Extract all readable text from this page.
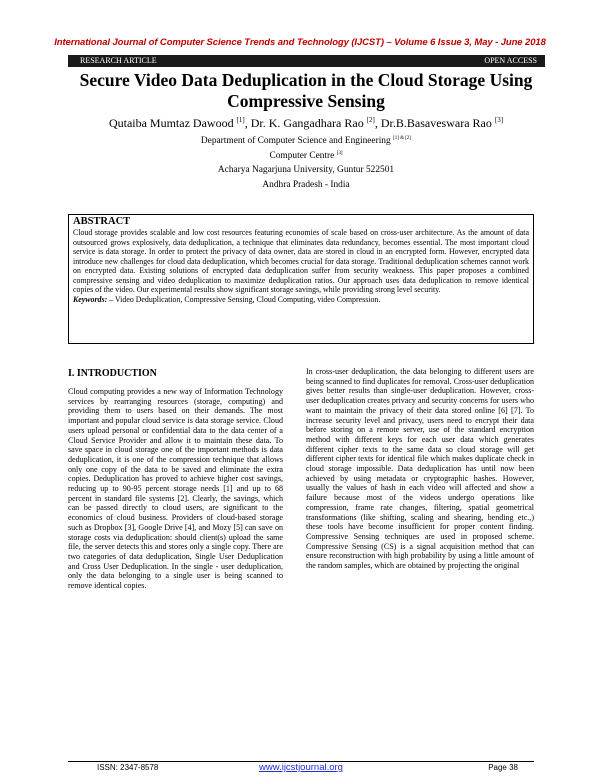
International Journal of Computer Science Trends and Technology (IJCST) – Volume 6 Issue 3, May - June 2018
RESEARCH ARTICLE	OPEN ACCESS
Secure Video Data Deduplication in the Cloud Storage Using
Compressive Sensing
Qutaiba Mumtaz Dawood [1], Dr. K. Gangadhara Rao [2], Dr.B.Basaveswara Rao [3]
Department of Computer Science and Engineering [1] & [2]
Computer Centre [3]
Acharya Nagarjuna University, Guntur 522501
Andhra Pradesh - India
ABSTRACT
Cloud storage provides scalable and low cost resources featuring economies of scale based on cross-user architecture. As the amount of data outsourced grows explosively, data deduplication, a technique that eliminates data redundancy, becomes essential. The most important cloud service is data storage. In order to protect the privacy of data owner, data are stored in cloud in an encrypted form. However, encrypted data introduce new challenges for cloud data deduplication, which becomes crucial for data storage. Traditional deduplication schemes cannot work on encrypted data. Existing solutions of encrypted data deduplication suffer from security weakness. This paper proposes a combined compressive sensing and video deduplication to maximize deduplication ratios. Our approach uses data deduplication to remove identical copies of the video. Our experimental results show significant storage savings, while providing strong level security.
Keywords: – Video Deduplication, Compressive Sensing, Cloud Computing, video Compression.
I. INTRODUCTION

Cloud computing provides a new way of Information Technology services by rearranging resources (storage, computing) and providing them to users based on their demands. The most important and popular cloud service is data storage service. Cloud users upload personal or confidential data to the data center of a Cloud Service Provider and allow it to maintain these data. To save space in cloud storage one of the important methods is data deduplication, it is one of the compression technique that allows only one copy of the data to be saved and eliminate the extra copies. Deduplication has proved to achieve higher cost savings, reducing up to 90-95 percent storage needs [1] and up to 68 percent in standard file systems [2]. Clearly, the savings, which can be passed directly to cloud users, are significant to the economics of cloud business. Providers of cloud-based storage such as Dropbox [3], Google Drive [4], and Mozy [5] can save on storage costs via deduplication: should client(s) upload the same file, the server detects this and stores only a single copy. There are two categories of data deduplication, Single User Deduplication and Cross User Deduplication. In the single - user deduplication, only the data belonging to a single user is being scanned to remove identical copies.

In cross-user deduplication, the data belonging to different users are being scanned to find duplicates for removal. Cross-user deduplication gives better results than single-user deduplication. However, cross-user deduplication creates privacy and security concerns for users who want to maintain the privacy of their data stored online [6] [7]. To increase security level and privacy, users need to encrypt their data before storing on a remote server, use of the standard encryption method with different keys for each user data which generates different cipher texts to the same data so cloud storage will get different cipher texts for identical file which makes duplicate check in cloud storage impossible. Data deduplication has until now been achieved by using metadata or cryptographic hashes. However, usually the values of hash in each video will affected and show a failure because most of the videos undergo operations like compression, frame rate changes, filtering, spatial geometrical transformations (like shifting, scaling and shearing, bending etc.,) these tools have become insufficient for proper content finding. Compressive Sensing techniques are used in proposed scheme. Compressive Sensing (CS) is a signal acquisition method that can ensure reconstruction with high probability by using a little amount of the random samples, which are obtained by projecting the original

ISSN: 2347-8578	www.ijcstjournal.org	Page 38
